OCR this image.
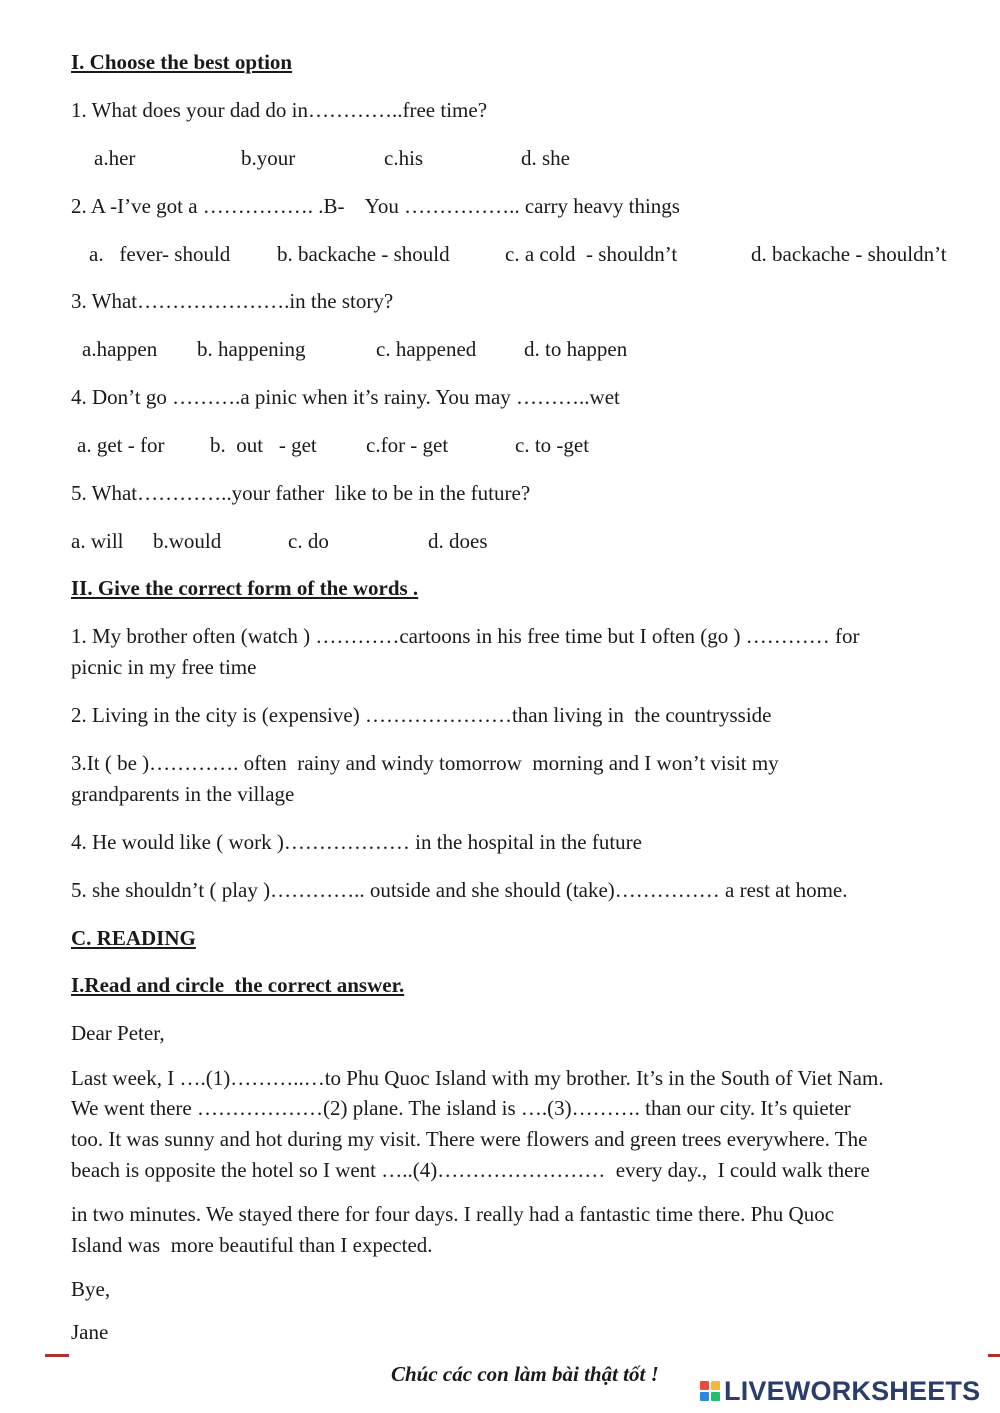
I. Choose the best option
1. What does your dad do in…………..free time?
a.her	b.your	c.his	d. she
2. A -I’ve got a ……………. .B-    You …………….. carry heavy things
a.   fever- should b. backache - should	c. a cold  - shouldn’t	d. backache - shouldn’t
3. What………………….in the story?
a.happen b. happening	c. happened d. to happen
4. Don’t go ……….a pinic when it’s rainy. You may ………..wet
a. get - for b.  out   - get c.for - get	c. to -get
5. What…………..your father  like to be in the future?
a. will b.would	c. do	d. does
II. Give the correct form of the words .
1. My brother often (watch ) …………cartoons in his free time but I often (go ) ………… for
picnic in my free time
2. Living in the city is (expensive) …………………than living in  the countrysside
3.It ( be )…………. often  rainy and windy tomorrow  morning and I won’t visit my
grandparents in the village
4. He would like ( work )……………… in the hospital in the future
5. she shouldn’t ( play )………….. outside and she should (take)…………… a rest at home.
C. READING
I.Read and circle  the correct answer.
Dear Peter,
Last week, I ….(1)………..…to Phu Quoc Island with my brother. It’s in the South of Viet Nam.
We went there ………………(2) plane. The island is ….(3)………. than our city. It’s quieter
too. It was sunny and hot during my visit. There were flowers and green trees everywhere. The
beach is opposite the hotel so I went …..(4)……………………  every day.,  I could walk there
in two minutes. We stayed there for four days. I really had a fantastic time there. Phu Quoc
Island was  more beautiful than I expected.
Bye,
Jane
Chúc các con làm bài thật tốt !
LIVEWORKSHEETS
